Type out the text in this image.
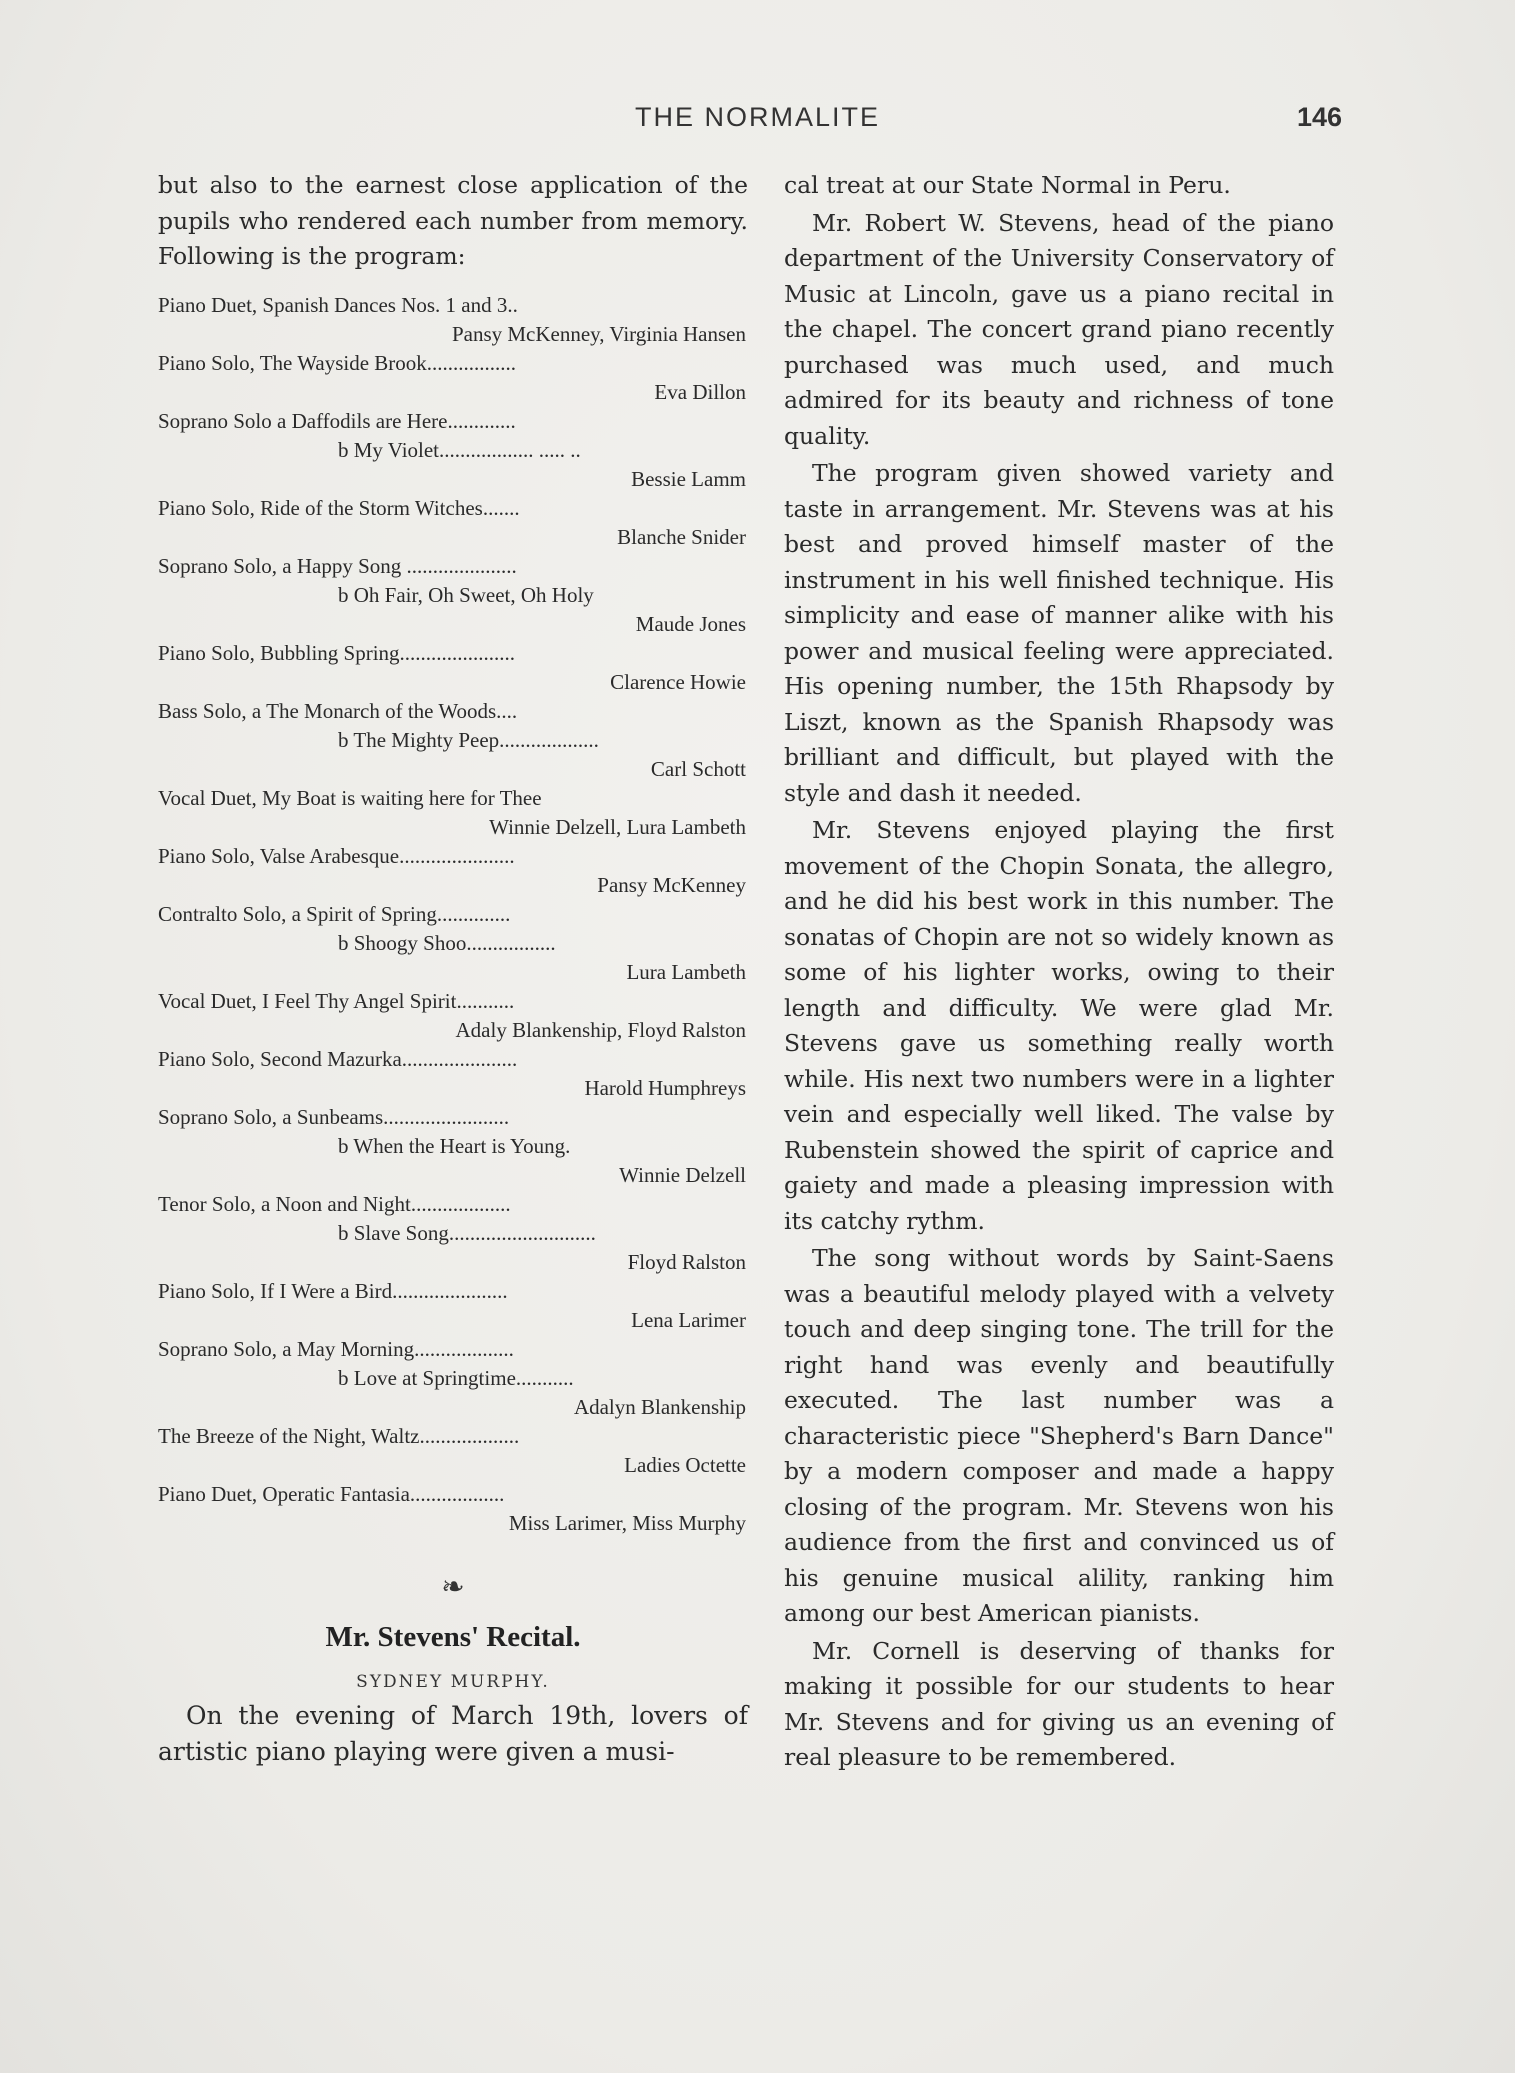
THE NORMALITE	146

but also to the earnest close application of the pupils who rendered each number from memory. Following is the program:

Piano Duet, Spanish Dances Nos. 1 and 3..
Pansy McKenney, Virginia Hansen
Piano Solo, The Wayside Brook.................
Eva Dillon
Soprano Solo a Daffodils are Here.............
b My Violet.................. ..... ..
Bessie Lamm
Piano Solo, Ride of the Storm Witches.......
Blanche Snider
Soprano Solo, a Happy Song .....................
b Oh Fair, Oh Sweet, Oh Holy
Maude Jones
Piano Solo, Bubbling Spring......................
Clarence Howie
Bass Solo, a The Monarch of the Woods....
b The Mighty Peep...................
Carl Schott
Vocal Duet, My Boat is waiting here for Thee
Winnie Delzell, Lura Lambeth
Piano Solo, Valse Arabesque......................
Pansy McKenney
Contralto Solo, a Spirit of Spring..............
b Shoogy Shoo.................
Lura Lambeth
Vocal Duet, I Feel Thy Angel Spirit...........
Adaly Blankenship, Floyd Ralston
Piano Solo, Second Mazurka......................
Harold Humphreys
Soprano Solo, a Sunbeams........................
b When the Heart is Young.
Winnie Delzell
Tenor Solo, a Noon and Night...................
b Slave Song............................
Floyd Ralston
Piano Solo, If I Were a Bird......................
Lena Larimer
Soprano Solo, a May Morning...................
b Love at Springtime...........
Adalyn Blankenship
The Breeze of the Night, Waltz...................
Ladies Octette
Piano Duet, Operatic Fantasia..................
Miss Larimer, Miss Murphy
❧
Mr. Stevens' Recital.
SYDNEY MURPHY.

On the evening of March 19th, lovers of artistic piano playing were given a musi-

cal treat at our State Normal in Peru.

Mr. Robert W. Stevens, head of the piano department of the University Conservatory of Music at Lincoln, gave us a piano recital in the chapel. The concert grand piano recently purchased was much used, and much admired for its beauty and richness of tone quality.

The program given showed variety and taste in arrangement. Mr. Stevens was at his best and proved himself master of the instrument in his well finished technique. His simplicity and ease of manner alike with his power and musical feeling were appreciated. His opening number, the 15th Rhapsody by Liszt, known as the Spanish Rhapsody was brilliant and difficult, but played with the style and dash it needed.

Mr. Stevens enjoyed playing the first movement of the Chopin Sonata, the allegro, and he did his best work in this number. The sonatas of Chopin are not so widely known as some of his lighter works, owing to their length and difficulty. We were glad Mr. Stevens gave us something really worth while. His next two numbers were in a lighter vein and especially well liked. The valse by Rubenstein showed the spirit of caprice and gaiety and made a pleasing impression with its catchy rythm.

The song without words by Saint-Saens was a beautiful melody played with a velvety touch and deep singing tone. The trill for the right hand was evenly and beautifully executed. The last number was a characteristic piece "Shepherd's Barn Dance" by a modern composer and made a happy closing of the program. Mr. Stevens won his audience from the first and convinced us of his genuine musical alility, ranking him among our best American pianists.

Mr. Cornell is deserving of thanks for making it possible for our students to hear Mr. Stevens and for giving us an evening of real pleasure to be remembered.
